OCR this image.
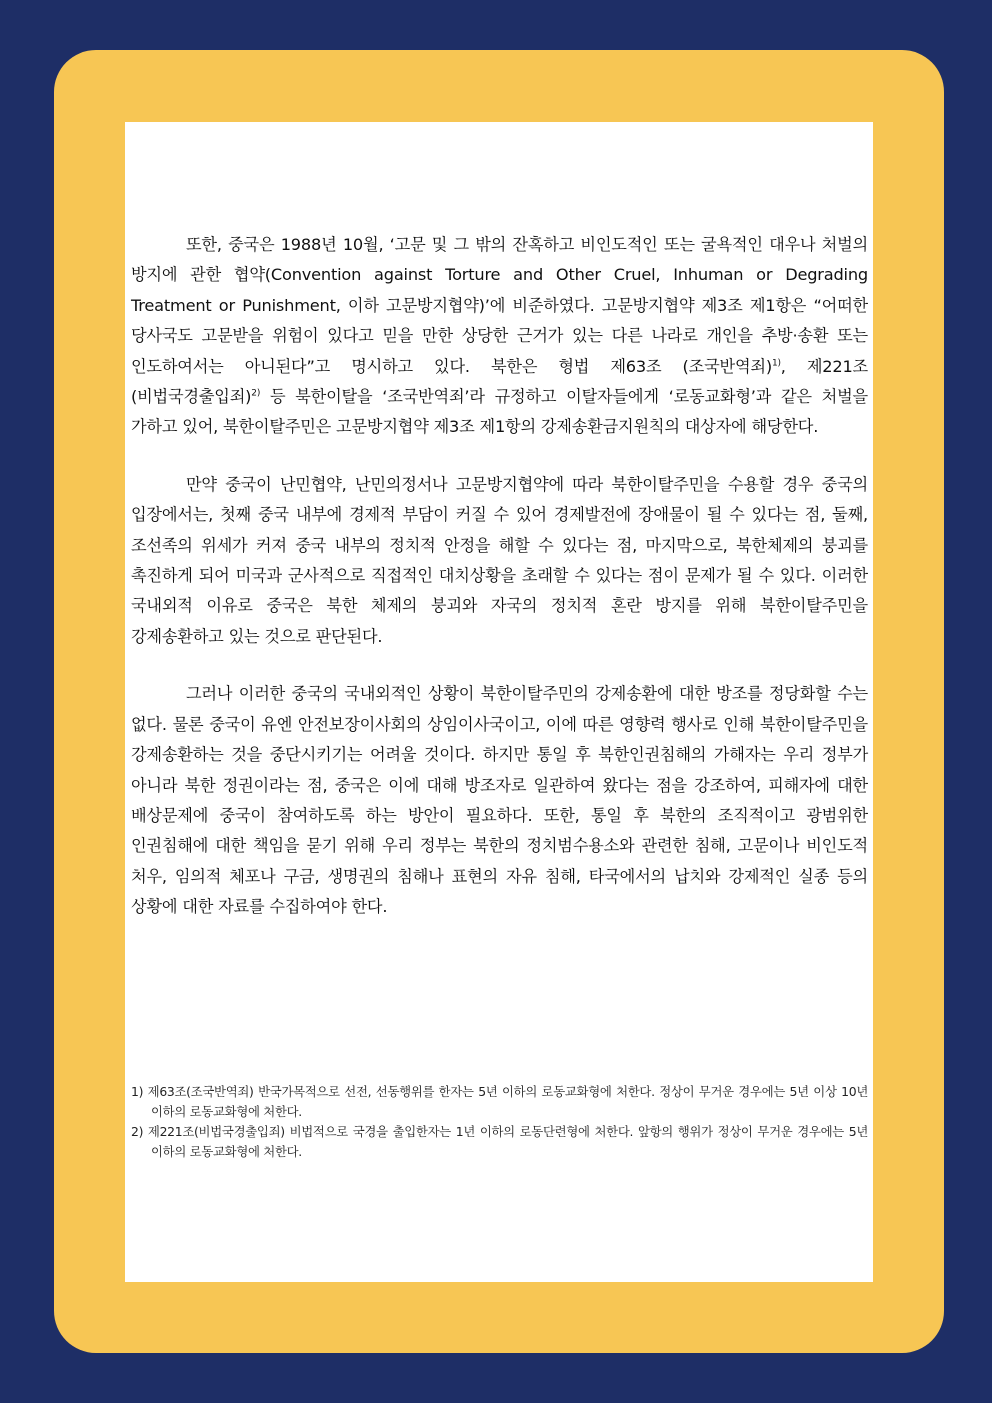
또한, 중국은 1988년 10월, ‘고문 및 그 밖의 잔혹하고 비인도적인 또는 굴욕적인 대우나 처벌의 방지에 관한 협약(Convention against Torture and Other Cruel, Inhuman or Degrading Treatment or Punishment, 이하 고문방지협약)’에 비준하였다. 고문방지협약 제3조 제1항은 “어떠한 당사국도 고문받을 위험이 있다고 믿을 만한 상당한 근거가 있는 다른 나라로 개인을 추방·송환 또는 인도하여서는 아니된다”고 명시하고 있다. 북한은 형법 제63조 (조국반역죄)$^{1)}$, 제221조 (비법국경출입죄)$^{2)}$ 등 북한이탈을 ‘조국반역죄’라 규정하고 이탈자들에게 ‘로동교화형’과 같은 처벌을 가하고 있어, 북한이탈주민은 고문방지협약 제3조 제1항의 강제송환금지원칙의 대상자에 해당한다.

만약 중국이 난민협약, 난민의정서나 고문방지협약에 따라 북한이탈주민을 수용할 경우 중국의 입장에서는, 첫째 중국 내부에 경제적 부담이 커질 수 있어 경제발전에 장애물이 될 수 있다는 점, 둘째, 조선족의 위세가 커져 중국 내부의 정치적 안정을 해할 수 있다는 점, 마지막으로, 북한체제의 붕괴를 촉진하게 되어 미국과 군사적으로 직접적인 대치상황을 초래할 수 있다는 점이 문제가 될 수 있다. 이러한 국내외적 이유로 중국은 북한 체제의 붕괴와 자국의 정치적 혼란 방지를 위해 북한이탈주민을 강제송환하고 있는 것으로 판단된다.

그러나 이러한 중국의 국내외적인 상황이 북한이탈주민의 강제송환에 대한 방조를 정당화할 수는 없다. 물론 중국이 유엔 안전보장이사회의 상임이사국이고, 이에 따른 영향력 행사로 인해 북한이탈주민을 강제송환하는 것을 중단시키기는 어려울 것이다. 하지만 통일 후 북한인권침해의 가해자는 우리 정부가 아니라 북한 정권이라는 점, 중국은 이에 대해 방조자로 일관하여 왔다는 점을 강조하여, 피해자에 대한 배상문제에 중국이 참여하도록 하는 방안이 필요하다. 또한, 통일 후 북한의 조직적이고 광범위한 인권침해에 대한 책임을 묻기 위해 우리 정부는 북한의 정치범수용소와 관련한 침해, 고문이나 비인도적 처우, 임의적 체포나 구금, 생명권의 침해나 표현의 자유 침해, 타국에서의 납치와 강제적인 실종 등의 상황에 대한 자료를 수집하여야 한다.

1) 제63조(조국반역죄) 반국가목적으로 선전, 선동행위를 한자는 5년 이하의 로동교화형에 처한다. 정상이 무거운 경우에는 5년 이상 10년 이하의 로동교화형에 처한다.
2) 제221조(비법국경출입죄) 비법적으로 국경을 출입한자는 1년 이하의 로동단련형에 처한다. 앞항의 행위가 정상이 무거운 경우에는 5년 이하의 로동교화형에 처한다.
